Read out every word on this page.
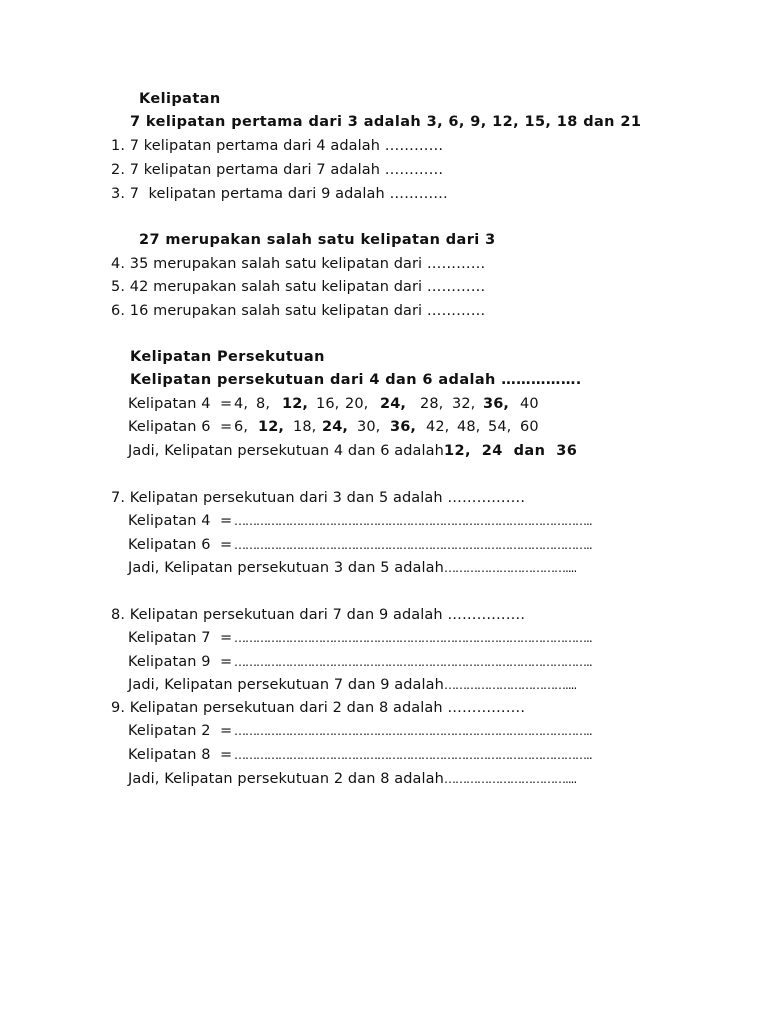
Kelipatan
7 kelipatan pertama dari 3 adalah 3, 6, 9, 12, 15, 18 dan 21
1. 7 kelipatan pertama dari 4 adalah …………
2. 7 kelipatan pertama dari 7 adalah …………
3. 7  kelipatan pertama dari 9 adalah …………
27 merupakan salah satu kelipatan dari 3
4. 35 merupakan salah satu kelipatan dari …………
5. 42 merupakan salah satu kelipatan dari …………
6. 16 merupakan salah satu kelipatan dari …………
Kelipatan Persekutuan
Kelipatan persekutuan dari 4 dan 6 adalah …………….
Kelipatan 4  = 4, 8, 12, 16, 20, 24, 28, 32, 36, 40
Kelipatan 6  = 6, 12, 18, 24, 30, 36, 42, 48, 54, 60
Jadi, Kelipatan persekutuan 4 dan 6 adalah 12,  24  dan  36
7. Kelipatan persekutuan dari 3 dan 5 adalah …………….
Kelipatan 4  = ……………………………………………………………………………………..
Kelipatan 6  = ……………………………………………………………………………………..
Jadi, Kelipatan persekutuan 3 dan 5 adalah ……………………………....
8. Kelipatan persekutuan dari 7 dan 9 adalah …………….
Kelipatan 7  = ……………………………………………………………………………………..
Kelipatan 9  = ……………………………………………………………………………………..
Jadi, Kelipatan persekutuan 7 dan 9 adalah ……………………………....
9. Kelipatan persekutuan dari 2 dan 8 adalah …………….
Kelipatan 2  = ……………………………………………………………………………………..
Kelipatan 8  = ……………………………………………………………………………………..
Jadi, Kelipatan persekutuan 2 dan 8 adalah ……………………………....
